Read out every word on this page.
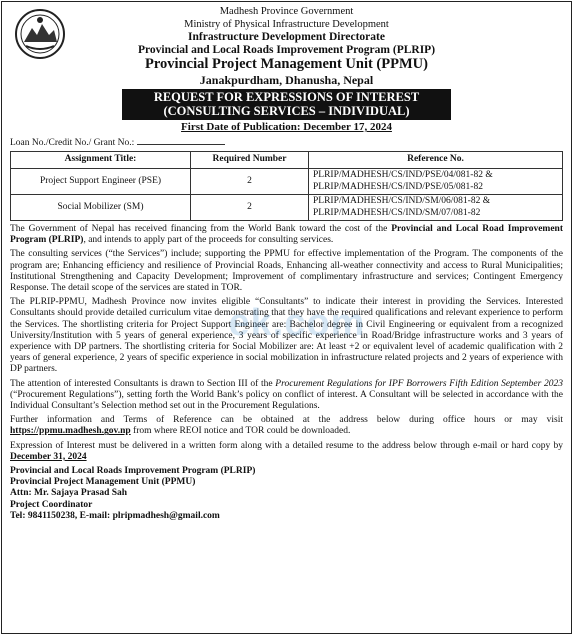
Madhesh Province Government
Ministry of Physical Infrastructure Development
Infrastructure Development Directorate
Provincial and Local Roads Improvement Program (PLRIP)
Provincial Project Management Unit (PPMU)
Janakpurdham, Dhanusha, Nepal
REQUEST FOR EXPRESSIONS OF INTEREST
(CONSULTING SERVICES – INDIVIDUAL)
First Date of Publication: December 17, 2024
Loan No./Credit No./ Grant No.:
Assignment Title:	Required Number	Reference No.
Project Support Engineer (PSE)	2	PLRIP/MADHESH/CS/IND/PSE/04/081-82 &
PLRIP/MADHESH/CS/IND/PSE/05/081-82

Social Mobilizer (SM)	2	PLRIP/MADHESH/CS/IND/SM/06/081-82 &
PLRIP/MADHESH/CS/IND/SM/07/081-82

The Government of Nepal has received financing from the World Bank toward the cost of the Provincial and Local Road Improvement Program (PLRIP), and intends to apply part of the proceeds for consulting services.

The consulting services (“the Services”) include; supporting the PPMU for effective implementation of the Program. The components of the program are; Enhancing efficiency and resilience of Provincial Roads, Enhancing all-weather connectivity and access to Rural Municipalities; Institutional Strengthening and Capacity Development; Improvement of complimentary infrastructure and services; Contingent Emergency Response. The detail scope of the services are stated in TOR.

The PLRIP-PPMU, Madhesh Province now invites eligible “Consultants” to indicate their interest in providing the Services. Interested Consultants should provide detailed curriculum vitae demonstrating that they have the required qualifications and relevant experience to perform the Services. The shortlisting criteria for Project Support Engineer are: Bachelor degree in Civil Engineering or equivalent from a recognized University/Institution with 5 years of general experience, 3 years of specific experience in Road/Bridge infrastructure works and 3 years of experience with DP partners. The shortlisting criteria for Social Mobilizer are: At least +2 or equivalent level of academic qualification with 2 years of general experience, 2 years of specific experience in social mobilization in infrastructure related projects and 2 years of experience with DP partners.

The attention of interested Consultants is drawn to Section III of the Procurement Regulations for IPF Borrowers Fifth Edition September 2023 (“Procurement Regulations”), setting forth the World Bank’s policy on conflict of interest. A Consultant will be selected in accordance with the Individual Consultant’s Selection method set out in the Procurement Regulations.

Further information and Terms of Reference can be obtained at the address below during office hours or may visit https://ppmu.madhesh.gov.np from where REOI notice and TOR could be downloaded.

Expression of Interest must be delivered in a written form along with a detailed resume to the address below through e-mail or hard copy by December 31, 2024

Provincial and Local Roads Improvement Program (PLRIP)
Provincial Project Management Unit (PPMU)
Attn: Mr. Sajaya Prasad Sah
Project Coordinator
Tel: 9841150238, E-mail: plripmadhesh@gmail.com
ek.com
